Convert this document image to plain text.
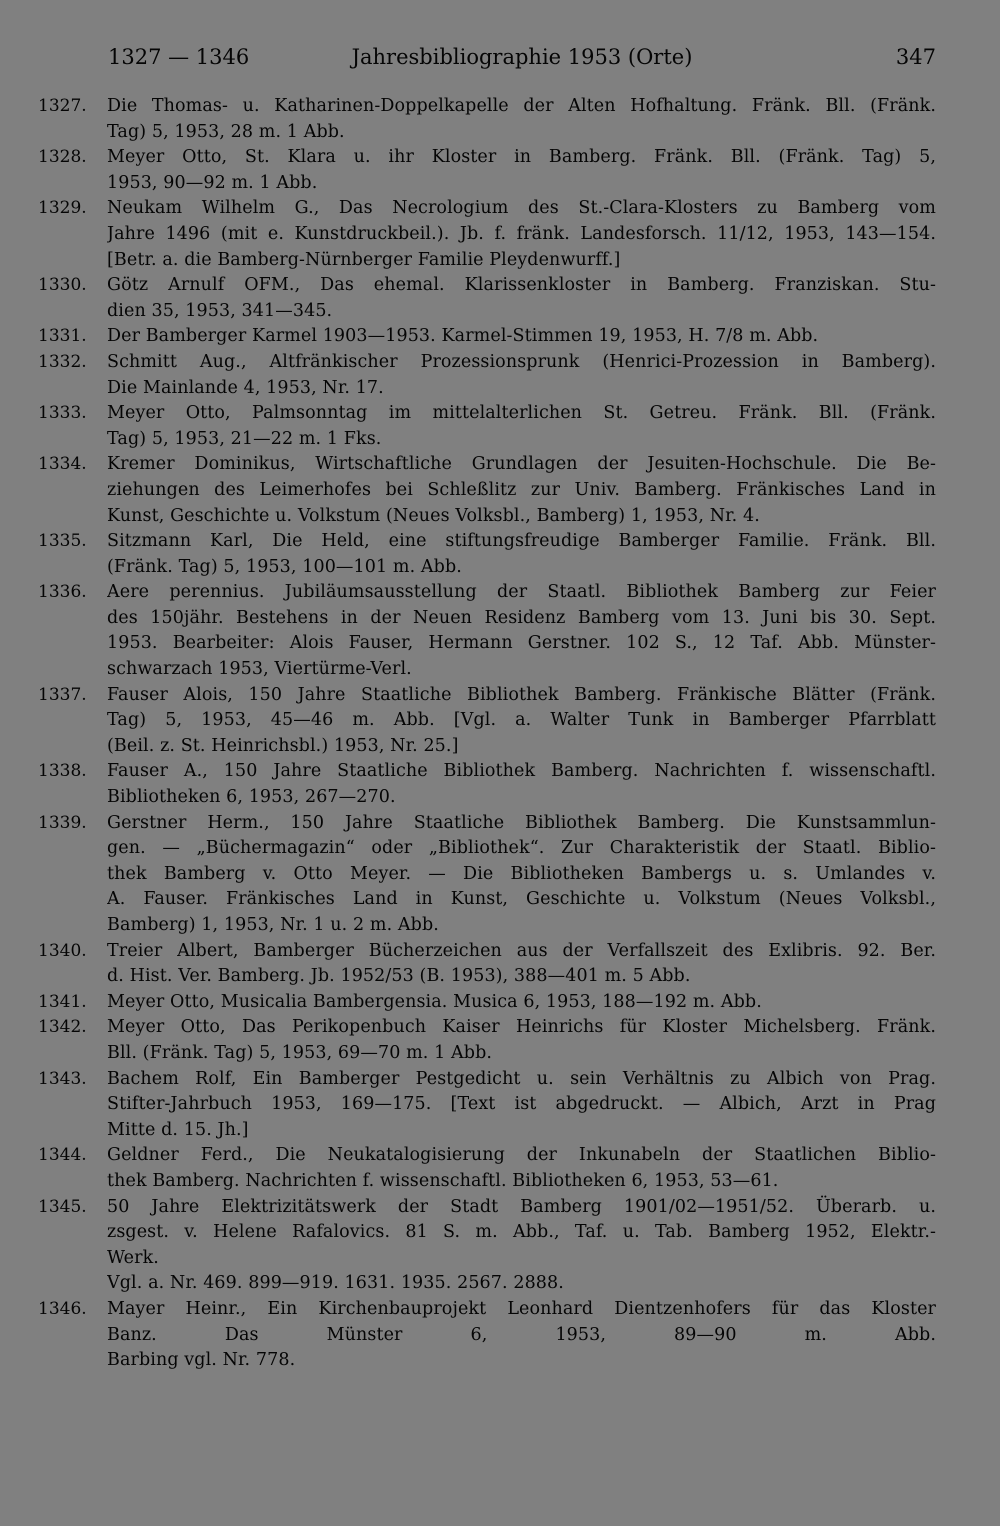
1327 — 1346	Jahresbibliographie 1953 (Orte)	347
1327.	Die Thomas- u. Katharinen-Doppelkapelle der Alten Hofhaltung. Fränk. Bll. (Fränk.
Tag) 5, 1953, 28 m. 1 Abb.
1328.	Meyer Otto, St. Klara u. ihr Kloster in Bamberg. Fränk. Bll. (Fränk. Tag) 5,
1953, 90—92 m. 1 Abb.
1329.	Neukam Wilhelm G., Das Necrologium des St.-Clara-Klosters zu Bamberg vom
Jahre 1496 (mit e. Kunstdruckbeil.). Jb. f. fränk. Landesforsch. 11/12, 1953, 143—154.
[Betr. a. die Bamberg-Nürnberger Familie Pleydenwurff.]
1330.	Götz Arnulf OFM., Das ehemal. Klarissenkloster in Bamberg. Franziskan. Stu-
dien 35, 1953, 341—345.
1331.	Der Bamberger Karmel 1903—1953. Karmel-Stimmen 19, 1953, H. 7/8 m. Abb.
1332.	Schmitt Aug., Altfränkischer Prozessionsprunk (Henrici-Prozession in Bamberg).
Die Mainlande 4, 1953, Nr. 17.
1333.	Meyer Otto, Palmsonntag im mittelalterlichen St. Getreu. Fränk. Bll. (Fränk.
Tag) 5, 1953, 21—22 m. 1 Fks.
1334.	Kremer Dominikus, Wirtschaftliche Grundlagen der Jesuiten-Hochschule. Die Be-
ziehungen des Leimerhofes bei Schleßlitz zur Univ. Bamberg. Fränkisches Land in
Kunst, Geschichte u. Volkstum (Neues Volksbl., Bamberg) 1, 1953, Nr. 4.
1335.	Sitzmann Karl, Die Held, eine stiftungsfreudige Bamberger Familie. Fränk. Bll.
(Fränk. Tag) 5, 1953, 100—101 m. Abb.
1336.	Aere perennius. Jubiläumsausstellung der Staatl. Bibliothek Bamberg zur Feier
des 150jähr. Bestehens in der Neuen Residenz Bamberg vom 13. Juni bis 30. Sept.
1953. Bearbeiter: Alois Fauser, Hermann Gerstner. 102 S., 12 Taf. Abb. Münster-
schwarzach 1953, Viertürme-Verl.
1337.	Fauser Alois, 150 Jahre Staatliche Bibliothek Bamberg. Fränkische Blätter (Fränk.
Tag) 5, 1953, 45—46 m. Abb. [Vgl. a. Walter Tunk in Bamberger Pfarrblatt
(Beil. z. St. Heinrichsbl.) 1953, Nr. 25.]
1338.	Fauser A., 150 Jahre Staatliche Bibliothek Bamberg. Nachrichten f. wissenschaftl.
Bibliotheken 6, 1953, 267—270.
1339.	Gerstner Herm., 150 Jahre Staatliche Bibliothek Bamberg. Die Kunstsammlun-
gen. — „Büchermagazin“ oder „Bibliothek“. Zur Charakteristik der Staatl. Biblio-
thek Bamberg v. Otto Meyer. — Die Bibliotheken Bambergs u. s. Umlandes v.
A. Fauser. Fränkisches Land in Kunst, Geschichte u. Volkstum (Neues Volksbl.,
Bamberg) 1, 1953, Nr. 1 u. 2 m. Abb.
1340.	Treier Albert, Bamberger Bücherzeichen aus der Verfallszeit des Exlibris. 92. Ber.
d. Hist. Ver. Bamberg. Jb. 1952/53 (B. 1953), 388—401 m. 5 Abb.
1341.	Meyer Otto, Musicalia Bambergensia. Musica 6, 1953, 188—192 m. Abb.
1342.	Meyer Otto, Das Perikopenbuch Kaiser Heinrichs für Kloster Michelsberg. Fränk.
Bll. (Fränk. Tag) 5, 1953, 69—70 m. 1 Abb.
1343.	Bachem Rolf, Ein Bamberger Pestgedicht u. sein Verhältnis zu Albich von Prag.
Stifter-Jahrbuch 1953, 169—175. [Text ist abgedruckt. — Albich, Arzt in Prag
Mitte d. 15. Jh.]
1344.	Geldner Ferd., Die Neukatalogisierung der Inkunabeln der Staatlichen Biblio-
thek Bamberg. Nachrichten f. wissenschaftl. Bibliotheken 6, 1953, 53—61.
1345.	50 Jahre Elektrizitätswerk der Stadt Bamberg 1901/02—1951/52. Überarb. u.
zsgest. v. Helene Rafalovics. 81 S. m. Abb., Taf. u. Tab. Bamberg 1952, Elektr.-
Werk.
Vgl. a. Nr. 469. 899—919. 1631. 1935. 2567. 2888.
1346.	Mayer Heinr., Ein Kirchenbauprojekt Leonhard Dientzenhofers für das Kloster
Banz. Das Münster 6, 1953, 89—90 m. Abb.
Barbing vgl. Nr. 778.
